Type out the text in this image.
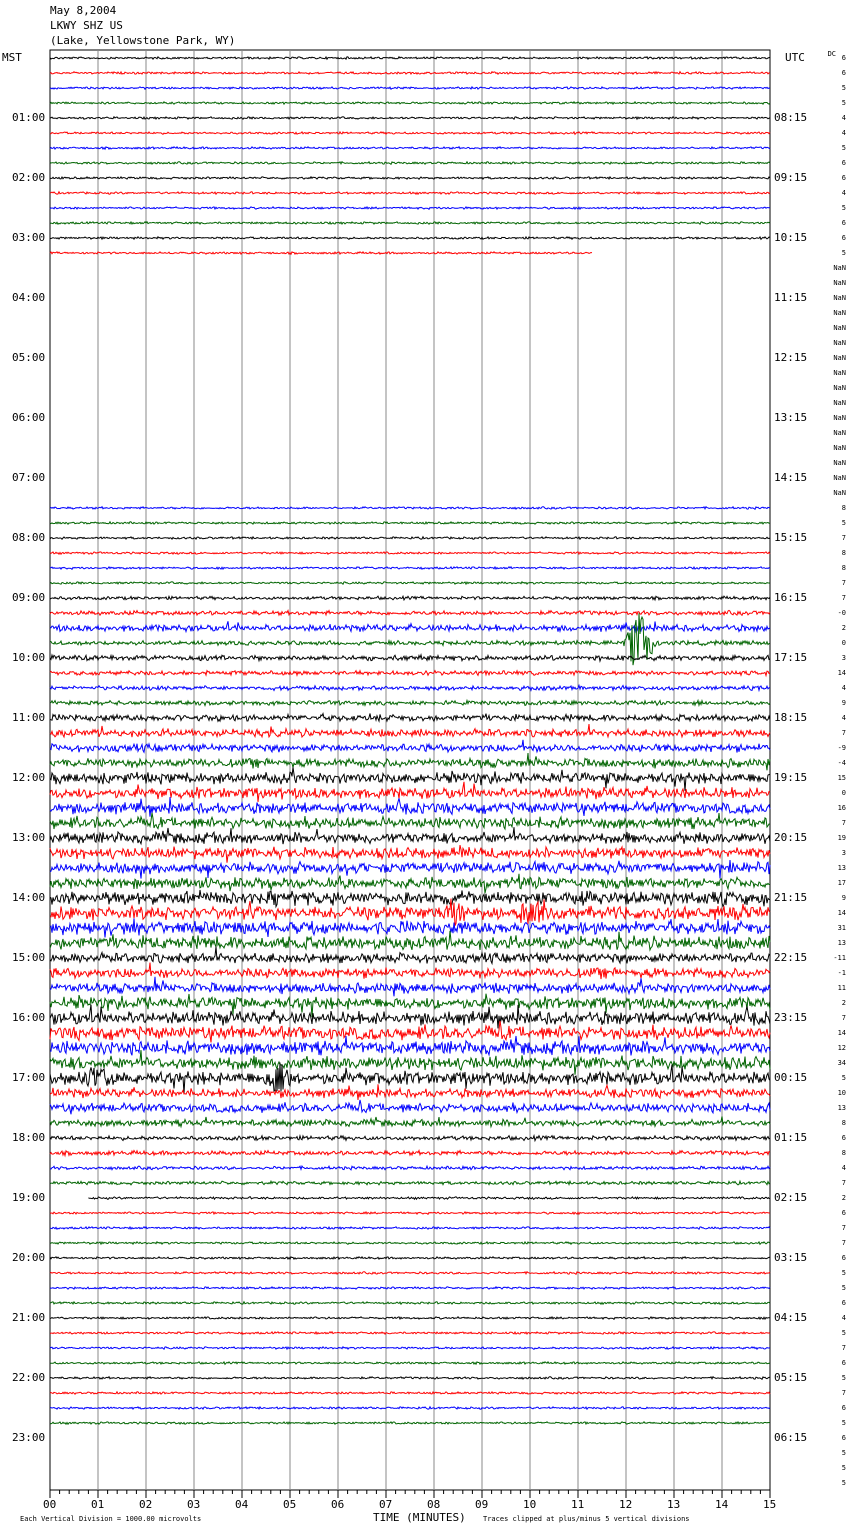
May 8,2004
LKWY SHZ US
(Lake, Yellowstone Park, WY)
MST	UTC	DC
01:00
02:00
03:00
04:00
05:00
06:00
07:00
08:00
09:00
10:00
11:00
12:00
13:00
14:00
15:00
16:00
17:00
18:00
19:00
20:00
21:00
22:00
23:00
08:15
09:15
10:15
11:15
12:15
13:15
14:15
15:15
16:15
17:15
18:15
19:15
20:15
21:15
22:15
23:15
00:15
01:15
02:15
03:15
04:15
05:15
06:15
6
6
5
5
4
4
5
6
6
4
5
6
6
5
NaN
NaN
NaN
NaN
NaN
NaN
NaN
NaN
NaN
NaN
NaN
NaN
NaN
NaN
NaN
NaN
8
5
7
8
8
7
7
-0
2
0
3
14
4
9
4
7
-9
-4
15
0
16
7
19
3
13
17
9
14
31
13
-11
-1
11
2
7
14
12
34
5
10
13
8
6
8
4
7
2
6
7
7
6
5
5
6
4
5
7
6
5
7
6
5
6
5
5
5
00	01	02	03	04	05	06	07	08	09	10	11	12	13	14	15
Each Vertical Division = 1000.00 microvolts	TIME (MINUTES) Traces clipped at plus/minus 5 vertical divisions
